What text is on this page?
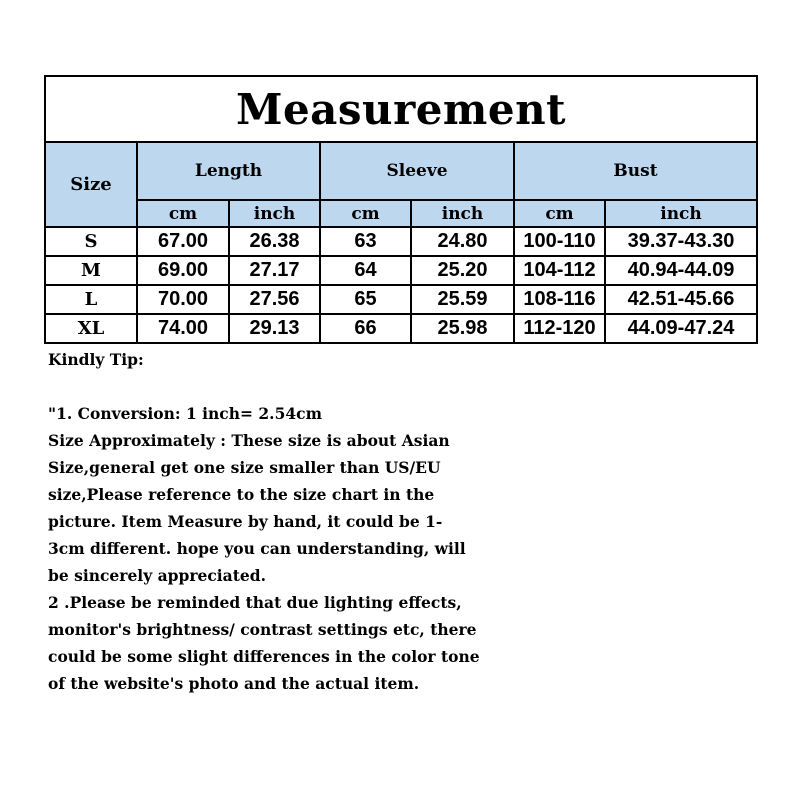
Measurement						
Size	Length		Sleeve		Bust	
	cm	inch	cm	inch	cm	inch
S	67.00	26.38	63	24.80	100-110	39.37-43.30
M	69.00	27.17	64	25.20	104-112	40.94-44.09
L	70.00	27.56	65	25.59	108-116	42.51-45.66
XL	74.00	29.13	66	25.98	112-120	44.09-47.24

Kindly Tip:

"1. Conversion: 1 inch= 2.54cm

Size Approximately : These size is about Asian
Size,general get one size smaller than US/EU
size,Please reference to the size chart in the
picture. Item Measure by hand, it could be 1-
3cm different. hope you can understanding, will
be sincerely appreciated.

2 .Please be reminded that due lighting effects,
monitor's brightness/ contrast settings etc, there
could be some slight differences in the color tone
of the website's photo and the actual item.
